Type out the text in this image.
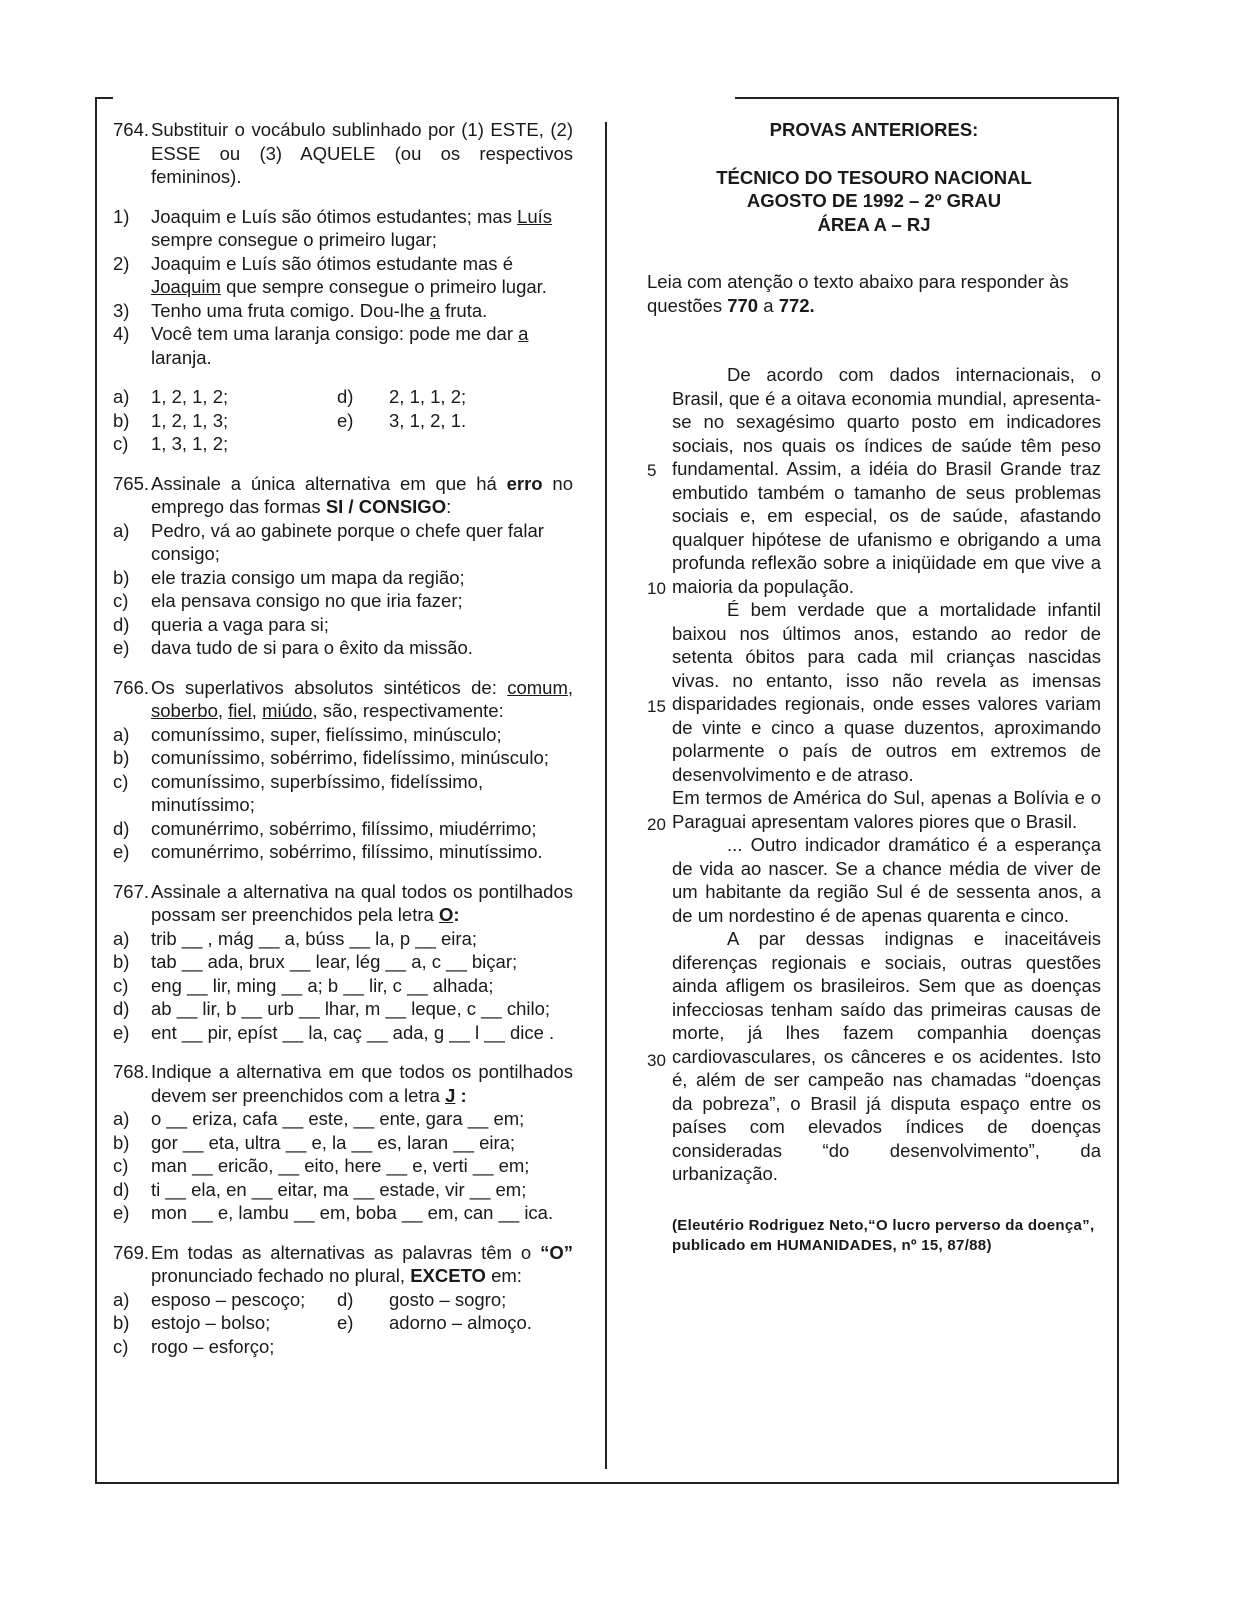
764. Substituir o vocábulo sublinhado por (1) ESTE, (2) ESSE ou (3) AQUELE (ou os respectivos femininos).
1)	Joaquim e Luís são ótimos estudantes; mas Luís sempre consegue o primeiro lugar;
2)	Joaquim e Luís são ótimos estudante mas é Joaquim que sempre consegue o primeiro lugar.
3)	Tenho uma fruta comigo. Dou-lhe a fruta.
4)	Você tem uma laranja consigo: pode me dar a laranja.
a)	1, 2, 1, 2;	d)	2, 1, 1, 2;
b)	1, 2, 1, 3;	e)	3, 1, 2, 1.
c)	1, 3, 1, 2;
765. Assinale a única alternativa em que há erro no emprego das formas SI / CONSIGO:
a)	Pedro, vá ao gabinete porque o chefe quer falar consigo;
b)	ele trazia consigo um mapa da região;
c)	ela pensava consigo no que iria fazer;
d)	queria a vaga para si;
e)	dava tudo de si para o êxito da missão.
766. Os superlativos absolutos sintéticos de: comum, soberbo, fiel, miúdo, são, respectivamente:
a)	comuníssimo, super, fielíssimo, minúsculo;
b)	comuníssimo, sobérrimo, fidelíssimo, minúsculo;
c)	comuníssimo, superbíssimo, fidelíssimo, minutíssimo;
d)	comunérrimo, sobérrimo, filíssimo, miudérrimo;
e)	comunérrimo, sobérrimo, filíssimo, minutíssimo.
767. Assinale a alternativa na qual todos os pontilhados possam ser preenchidos pela letra O:
a)	trib __ , mág __ a, búss __ la, p __ eira;
b)	tab __ ada, brux __ lear, lég __ a, c __ biçar;
c)	eng __ lir, ming __ a; b __ lir, c __ alhada;
d)	ab __ lir, b __ urb __ lhar, m __ leque, c __ chilo;
e)	ent __ pir, epíst __ la, caç __ ada, g __ l __ dice .
768. Indique a alternativa em que todos os pontilhados devem ser preenchidos com a letra J :
a)	o __ eriza, cafa __ este, __ ente, gara __ em;
b)	gor __ eta, ultra __ e, la __ es, laran __ eira;
c)	man __ ericão, __ eito, here __ e, verti __ em;
d)	ti __ ela, en __ eitar, ma __ estade, vir __ em;
e)	mon __ e, lambu __ em, boba __ em, can __ ica.
769. Em todas as alternativas as palavras têm o “O” pronunciado fechado no plural, EXCETO em:
a)	esposo – pescoço;	d)	gosto – sogro;
b)	estojo – bolso;	e)	adorno – almoço.
c)	rogo – esforço;
PROVAS ANTERIORES:
TÉCNICO DO TESOURO NACIONAL
AGOSTO DE 1992 – 2º GRAU
ÁREA A – RJ
Leia com atenção o texto abaixo para responder às questões 770 a 772.
5
10
15
20
30

De acordo com dados internacionais, o Brasil, que é a oitava economia mundial, apresenta-se no sexagésimo quarto posto em indicadores sociais, nos quais os índices de saúde têm peso fundamental. Assim, a idéia do Brasil Grande traz embutido também o tamanho de seus problemas sociais e, em especial, os de saúde, afastando qualquer hipótese de ufanismo e obrigando a uma profunda reflexão sobre a iniqüidade em que vive a maioria da população.

É bem verdade que a mortalidade infantil baixou nos últimos anos, estando ao redor de setenta óbitos para cada mil crianças nascidas vivas. no entanto, isso não revela as imensas disparidades regionais, onde esses valores variam de vinte e cinco a quase duzentos, aproximando polarmente o país de outros em extremos de desenvolvimento e de atraso.

Em termos de América do Sul, apenas a Bolívia e o Paraguai apresentam valores piores que o Brasil.

... Outro indicador dramático é a esperança de vida ao nascer. Se a chance média de viver de um habitante da região Sul é de sessenta anos, a de um nordestino é de apenas quarenta e cinco.

A par dessas indignas e inaceitáveis diferenças regionais e sociais, outras questões ainda afligem os brasileiros. Sem que as doenças infecciosas tenham saído das primeiras causas de morte, já lhes fazem companhia doenças cardiovasculares, os cânceres e os acidentes. Isto é, além de ser campeão nas chamadas “doenças da pobreza”, o Brasil já disputa espaço entre os países com elevados índices de doenças consideradas “do desenvolvimento”, da urbanização.

(Eleutério Rodriguez Neto,“O lucro perverso da doença”, publicado em HUMANIDADES, nº 15, 87/88)
